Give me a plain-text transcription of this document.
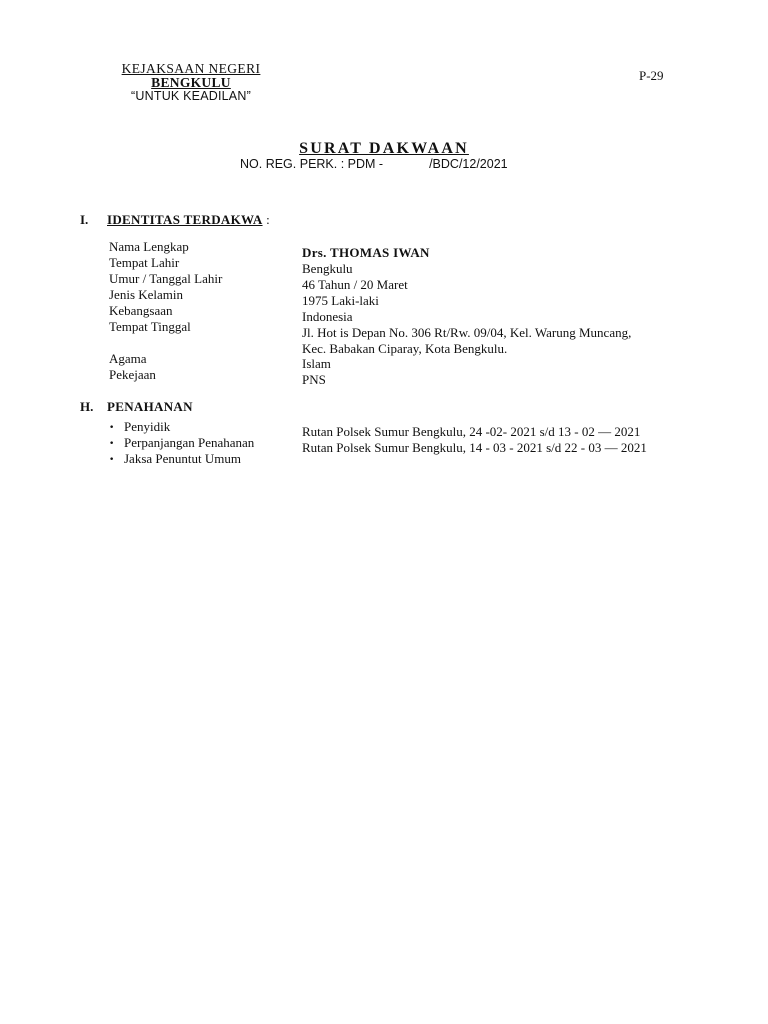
KEJAKSAAN NEGERI
BENGKULU
“UNTUK KEADILAN”
P-29
SURAT DAKWAAN
NO. REG. PERK. : PDM -	/BDC/12/2021
I. IDENTITAS TERDAKWA :
Nama Lengkap
Tempat Lahir
Umur / Tanggal Lahir
Jenis Kelamin
Kebangsaan
Tempat Tinggal
Agama
Pekejaan
Drs. THOMAS IWAN
Bengkulu
46 Tahun / 20 Maret
1975 Laki-laki
Indonesia
Jl. Hot is Depan No. 306 Rt/Rw. 09/04, Kel. Warung Muncang,
Kec. Babakan Ciparay, Kota Bengkulu.
Islam
PNS
H. PENAHANAN
• Penyidik
• Perpanjangan Penahanan
• Jaksa Penuntut Umum
Rutan Polsek Sumur Bengkulu, 24 -02- 2021 s/d 13 - 02 — 2021
Rutan Polsek Sumur Bengkulu, 14 - 03 - 2021 s/d 22 - 03 — 2021
